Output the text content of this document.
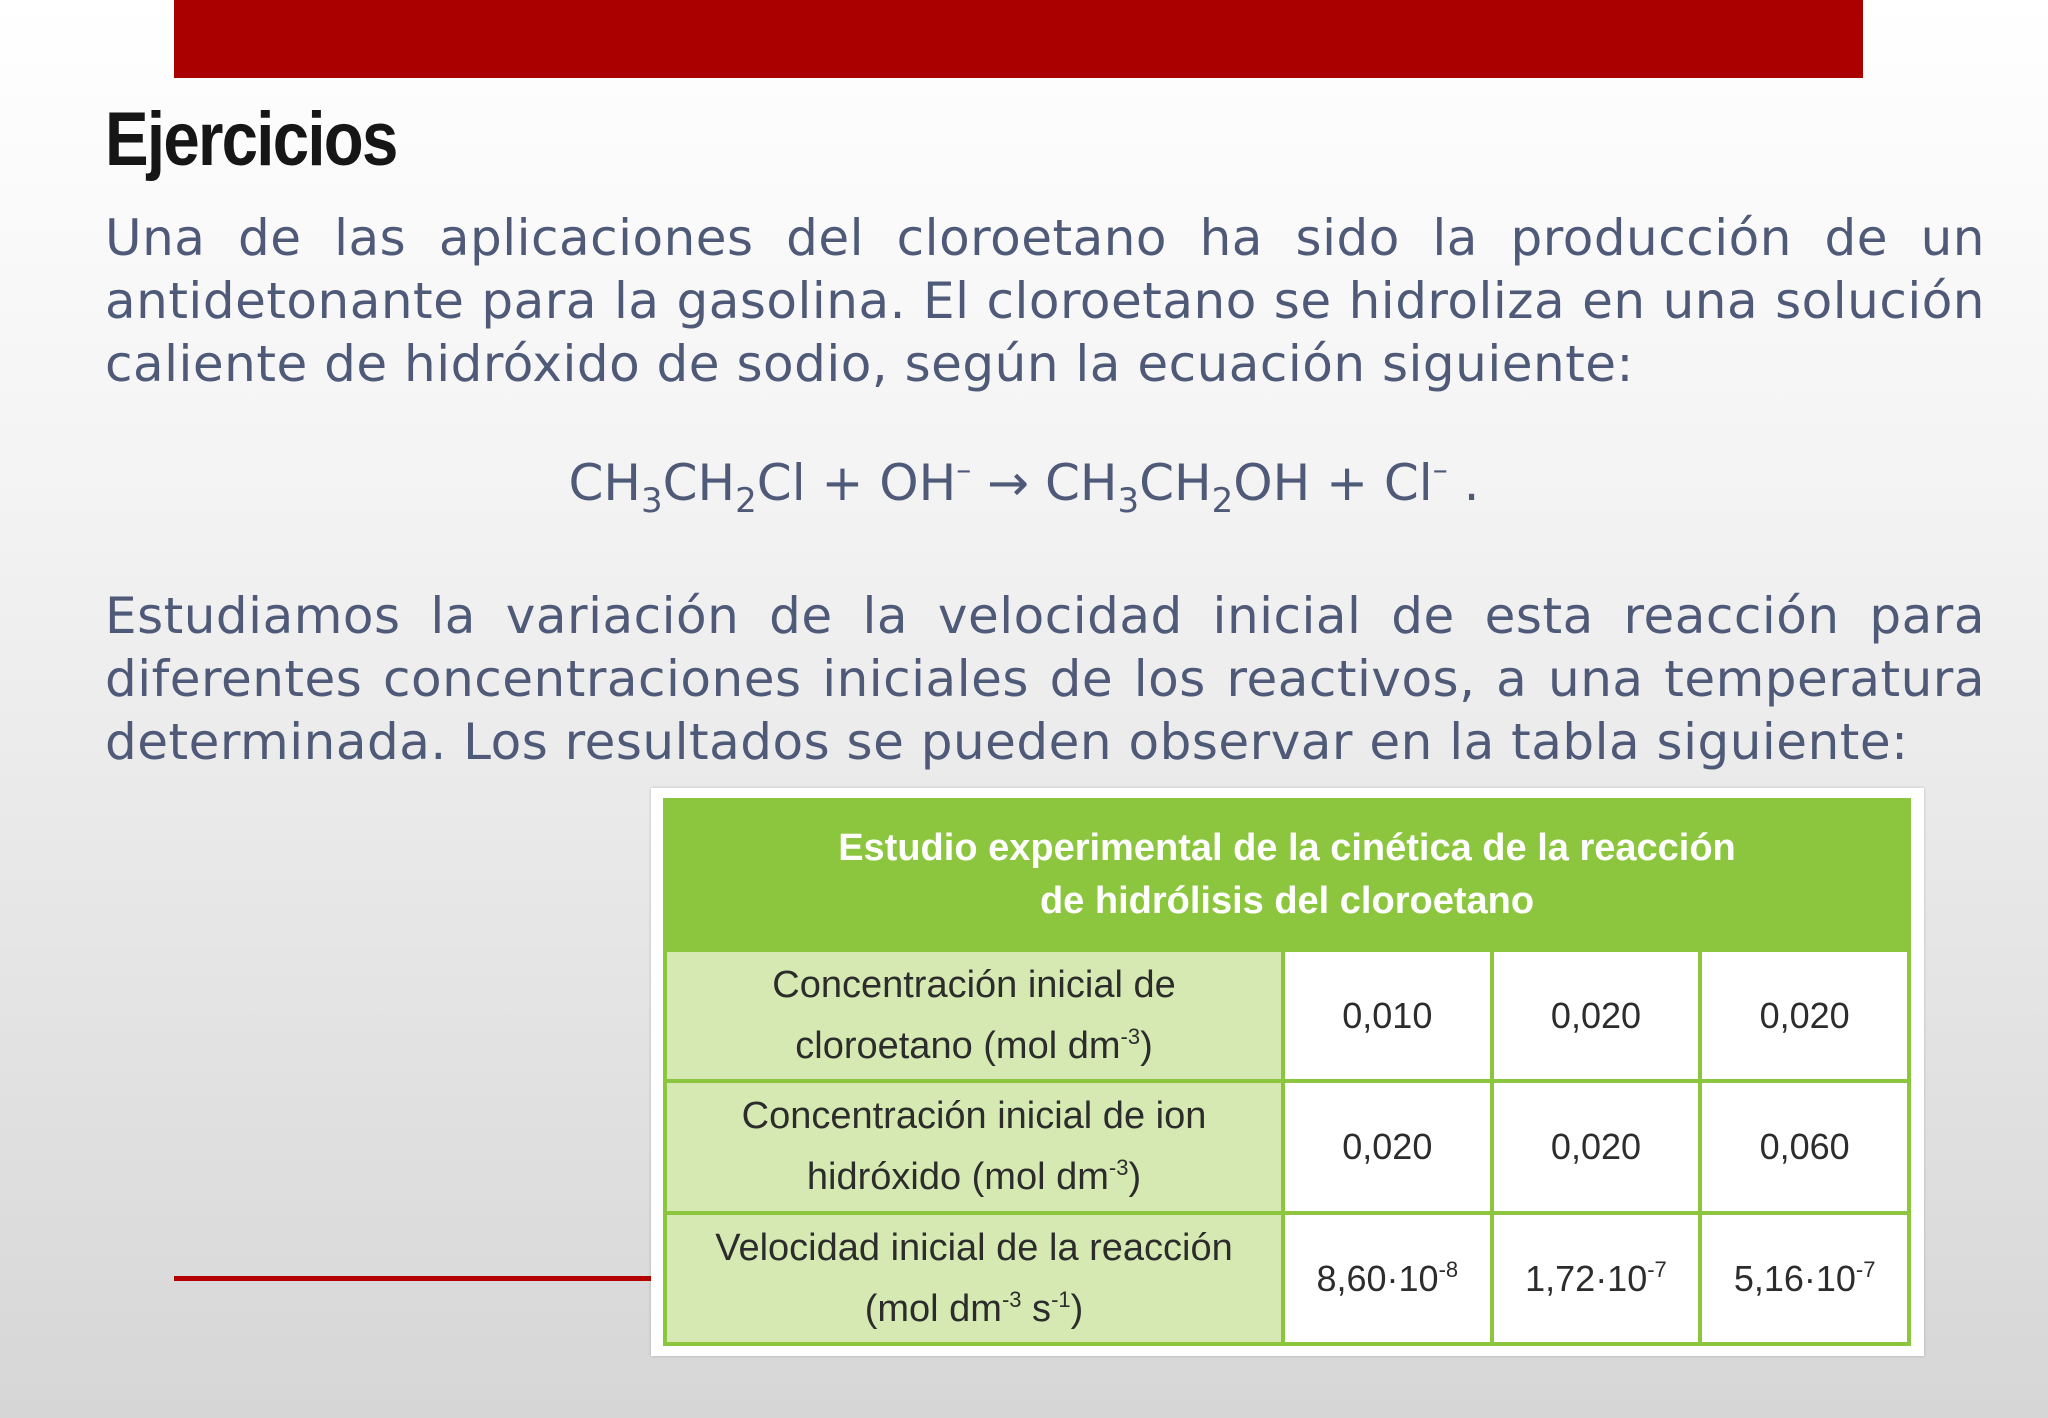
Ejercicios

Una de las aplicaciones del cloroetano ha sido la producción de un antidetonante para la gasolina. El cloroetano se hidroliza en una solución caliente de hidróxido de sodio, según la ecuación siguiente:

$CH_3CH_2Cl + OH^- \to CH_3CH_2OH + Cl^-$ .

Estudiamos la variación de la velocidad inicial de esta reacción para diferentes concentraciones iniciales de los reactivos, a una temperatura determinada. Los resultados se pueden observar en la tabla siguiente:

Estudio experimental de la cinética de la reacción
de hidrólisis del cloroetano			
Concentración inicial de
cloroetano (mol $dm^{-3}$)	0,010	0,020	0,020
Concentración inicial de ion
hidróxido (mol $dm^{-3}$)	0,020	0,020	0,060
Velocidad inicial de la reacción
(mol $dm^{-3}$ $s^{-1}$)	$8,60\cdot 10^{-8}$	$1,72\cdot 10^{-7}$	$5,16\cdot 10^{-7}$
